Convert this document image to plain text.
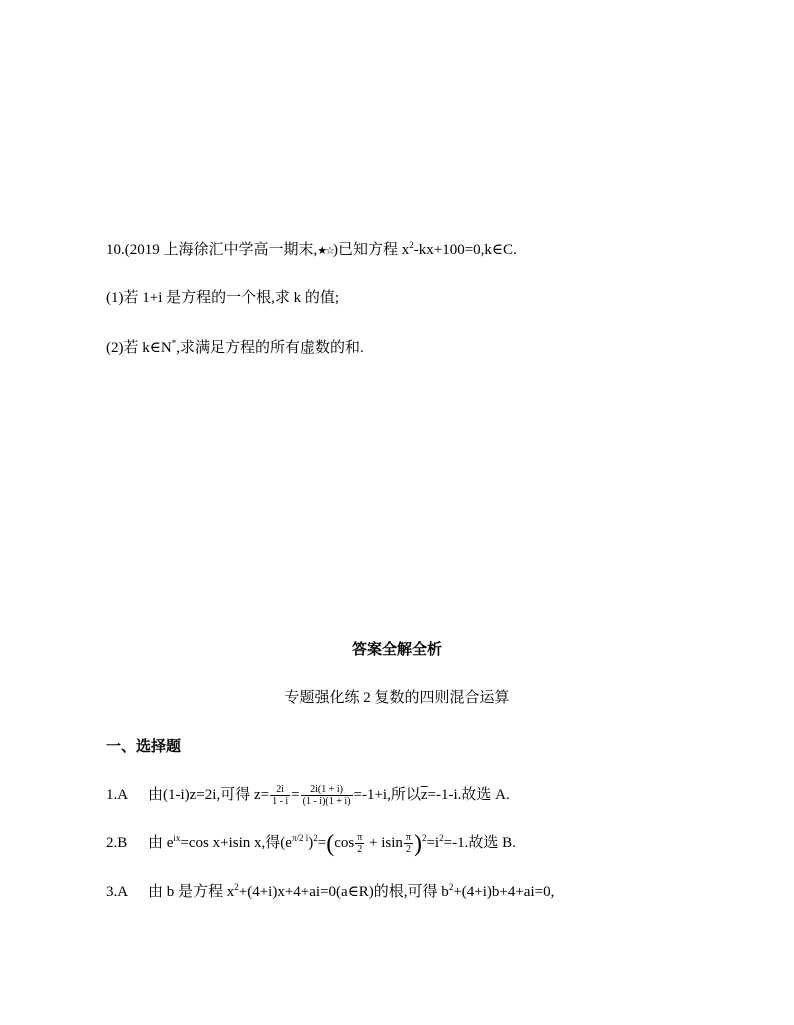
10.(2019 上海徐汇中学高一期末,★☆)已知方程 $x^2-kx+100=0,k\in C$.
(1)若 1+i 是方程的一个根,求 k 的值;
(2)若 k∈N*,求满足方程的所有虚数的和.
答案全解全析
专题强化练 2 复数的四则混合运算
一、选择题
1.A 由(1-i)z=2i,可得 $z= \frac{2i}{1 - i} = \frac{2i(1 + i)}{(1 - i)(1 + i)} =-1+i$,所以$\overline{z}=-1-i$.故选 A.
2.B 由 $e^{ix}=\cos$ x+isin x,得$(e^{\pi/2 i})^2=(\cos \frac{\pi}{2} + isin \frac{\pi}{2} )^2=i^2=-1$.故选 B.
3.A 由 b 是方程 $x^2+(4+i)x+4+ai=0(a\in R)$的根,可得 $b^2+(4+i)b+4+ai=0$,
